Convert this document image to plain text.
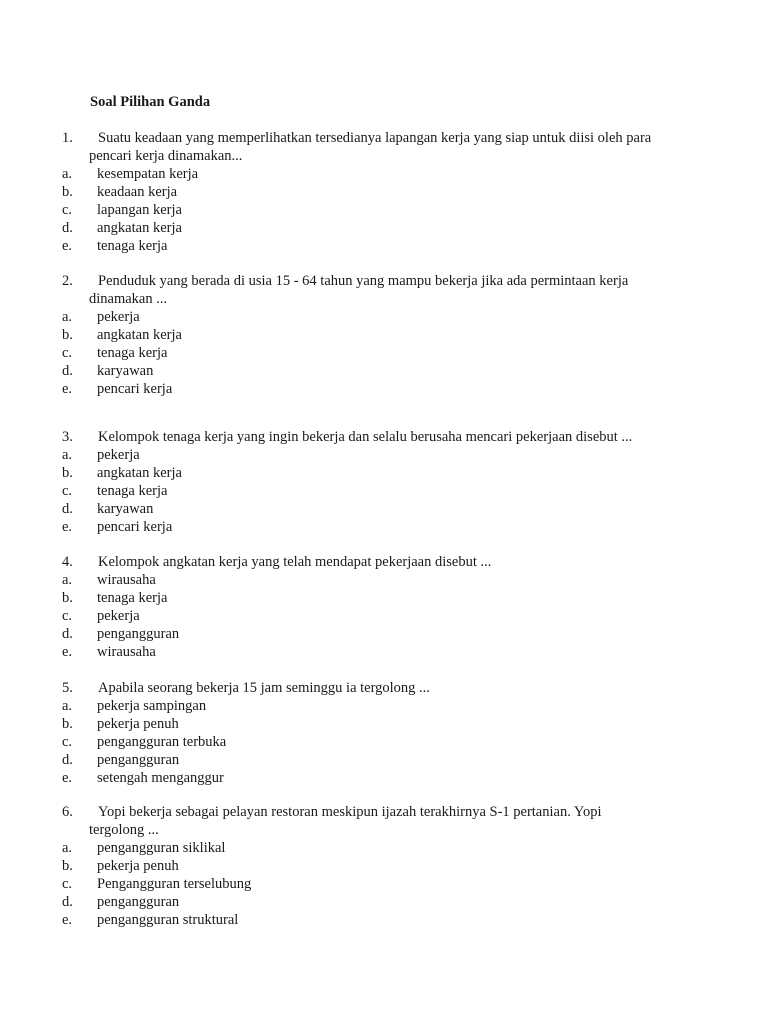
Soal Pilihan Ganda
1. Suatu keadaan yang memperlihatkan tersedianya lapangan kerja yang siap untuk diisi oleh para
pencari kerja dinamakan...
a. kesempatan kerja
b. keadaan kerja
c. lapangan kerja
d. angkatan kerja
e. tenaga kerja
2. Penduduk yang berada di usia 15 - 64 tahun yang mampu bekerja jika ada permintaan kerja
dinamakan ...
a. pekerja
b. angkatan kerja
c. tenaga kerja
d. karyawan
e. pencari kerja
3. Kelompok tenaga kerja yang ingin bekerja dan selalu berusaha mencari pekerjaan disebut ...
a. pekerja
b. angkatan kerja
c. tenaga kerja
d. karyawan
e. pencari kerja
4. Kelompok angkatan kerja yang telah mendapat pekerjaan disebut ...
a. wirausaha
b. tenaga kerja
c. pekerja
d. pengangguran
e. wirausaha
5. Apabila seorang bekerja 15 jam seminggu ia tergolong ...
a. pekerja sampingan
b. pekerja penuh
c. pengangguran terbuka
d. pengangguran
e. setengah menganggur
6. Yopi bekerja sebagai pelayan restoran meskipun ijazah terakhirnya S-1 pertanian. Yopi
tergolong ...
a. pengangguran siklikal
b. pekerja penuh
c. Pengangguran terselubung
d. pengangguran
e. pengangguran struktural
